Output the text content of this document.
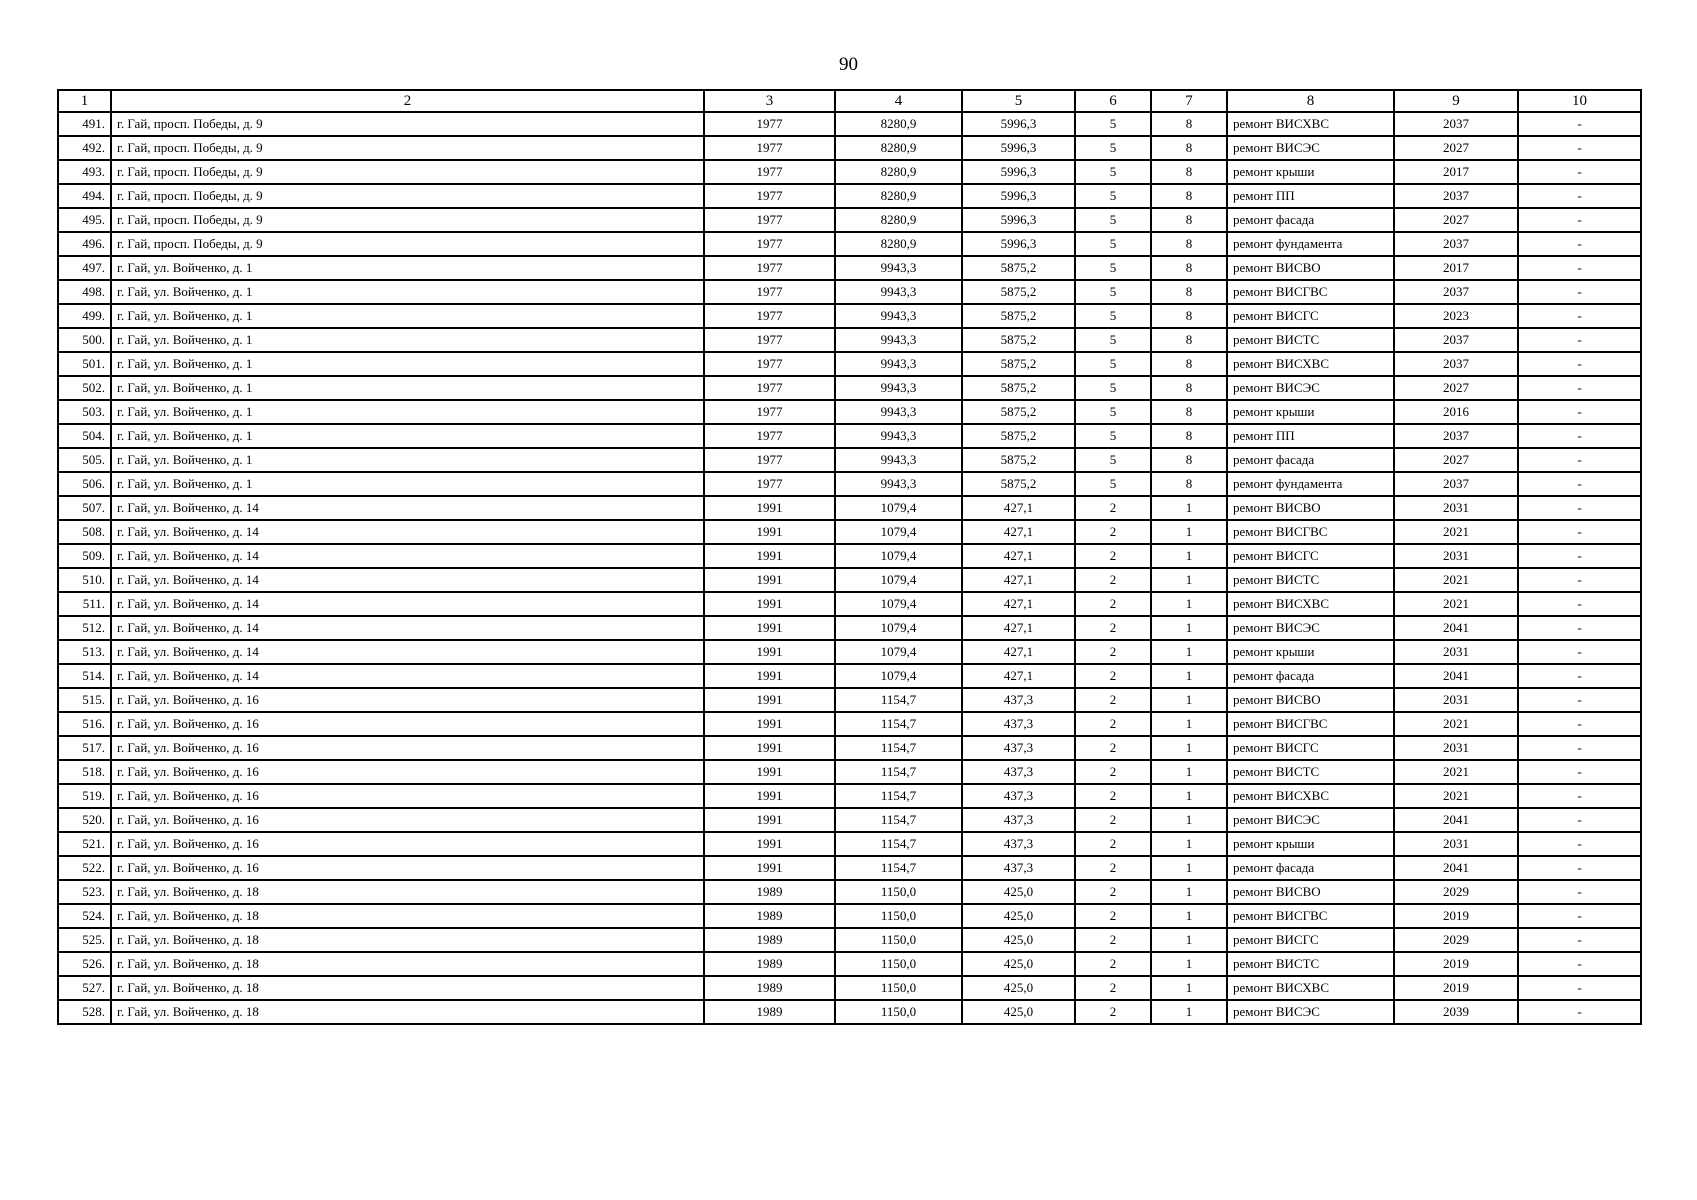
90
1	2	3	4	5	6	7	8	9	10
491.	г. Гай, просп. Победы, д. 9	1977	8280,9	5996,3	5	8	ремонт ВИСХВС	2037	-
492.	г. Гай, просп. Победы, д. 9	1977	8280,9	5996,3	5	8	ремонт ВИСЭС	2027	-
493.	г. Гай, просп. Победы, д. 9	1977	8280,9	5996,3	5	8	ремонт крыши	2017	-
494.	г. Гай, просп. Победы, д. 9	1977	8280,9	5996,3	5	8	ремонт ПП	2037	-
495.	г. Гай, просп. Победы, д. 9	1977	8280,9	5996,3	5	8	ремонт фасада	2027	-
496.	г. Гай, просп. Победы, д. 9	1977	8280,9	5996,3	5	8	ремонт фундамента	2037	-
497.	г. Гай, ул. Войченко, д. 1	1977	9943,3	5875,2	5	8	ремонт ВИСВО	2017	-
498.	г. Гай, ул. Войченко, д. 1	1977	9943,3	5875,2	5	8	ремонт ВИСГВС	2037	-
499.	г. Гай, ул. Войченко, д. 1	1977	9943,3	5875,2	5	8	ремонт ВИСГС	2023	-
500.	г. Гай, ул. Войченко, д. 1	1977	9943,3	5875,2	5	8	ремонт ВИСТС	2037	-
501.	г. Гай, ул. Войченко, д. 1	1977	9943,3	5875,2	5	8	ремонт ВИСХВС	2037	-
502.	г. Гай, ул. Войченко, д. 1	1977	9943,3	5875,2	5	8	ремонт ВИСЭС	2027	-
503.	г. Гай, ул. Войченко, д. 1	1977	9943,3	5875,2	5	8	ремонт крыши	2016	-
504.	г. Гай, ул. Войченко, д. 1	1977	9943,3	5875,2	5	8	ремонт ПП	2037	-
505.	г. Гай, ул. Войченко, д. 1	1977	9943,3	5875,2	5	8	ремонт фасада	2027	-
506.	г. Гай, ул. Войченко, д. 1	1977	9943,3	5875,2	5	8	ремонт фундамента	2037	-
507.	г. Гай, ул. Войченко, д. 14	1991	1079,4	427,1	2	1	ремонт ВИСВО	2031	-
508.	г. Гай, ул. Войченко, д. 14	1991	1079,4	427,1	2	1	ремонт ВИСГВС	2021	-
509.	г. Гай, ул. Войченко, д. 14	1991	1079,4	427,1	2	1	ремонт ВИСГС	2031	-
510.	г. Гай, ул. Войченко, д. 14	1991	1079,4	427,1	2	1	ремонт ВИСТС	2021	-
511.	г. Гай, ул. Войченко, д. 14	1991	1079,4	427,1	2	1	ремонт ВИСХВС	2021	-
512.	г. Гай, ул. Войченко, д. 14	1991	1079,4	427,1	2	1	ремонт ВИСЭС	2041	-
513.	г. Гай, ул. Войченко, д. 14	1991	1079,4	427,1	2	1	ремонт крыши	2031	-
514.	г. Гай, ул. Войченко, д. 14	1991	1079,4	427,1	2	1	ремонт фасада	2041	-
515.	г. Гай, ул. Войченко, д. 16	1991	1154,7	437,3	2	1	ремонт ВИСВО	2031	-
516.	г. Гай, ул. Войченко, д. 16	1991	1154,7	437,3	2	1	ремонт ВИСГВС	2021	-
517.	г. Гай, ул. Войченко, д. 16	1991	1154,7	437,3	2	1	ремонт ВИСГС	2031	-
518.	г. Гай, ул. Войченко, д. 16	1991	1154,7	437,3	2	1	ремонт ВИСТС	2021	-
519.	г. Гай, ул. Войченко, д. 16	1991	1154,7	437,3	2	1	ремонт ВИСХВС	2021	-
520.	г. Гай, ул. Войченко, д. 16	1991	1154,7	437,3	2	1	ремонт ВИСЭС	2041	-
521.	г. Гай, ул. Войченко, д. 16	1991	1154,7	437,3	2	1	ремонт крыши	2031	-
522.	г. Гай, ул. Войченко, д. 16	1991	1154,7	437,3	2	1	ремонт фасада	2041	-
523.	г. Гай, ул. Войченко, д. 18	1989	1150,0	425,0	2	1	ремонт ВИСВО	2029	-
524.	г. Гай, ул. Войченко, д. 18	1989	1150,0	425,0	2	1	ремонт ВИСГВС	2019	-
525.	г. Гай, ул. Войченко, д. 18	1989	1150,0	425,0	2	1	ремонт ВИСГС	2029	-
526.	г. Гай, ул. Войченко, д. 18	1989	1150,0	425,0	2	1	ремонт ВИСТС	2019	-
527.	г. Гай, ул. Войченко, д. 18	1989	1150,0	425,0	2	1	ремонт ВИСХВС	2019	-
528.	г. Гай, ул. Войченко, д. 18	1989	1150,0	425,0	2	1	ремонт ВИСЭС	2039	-
